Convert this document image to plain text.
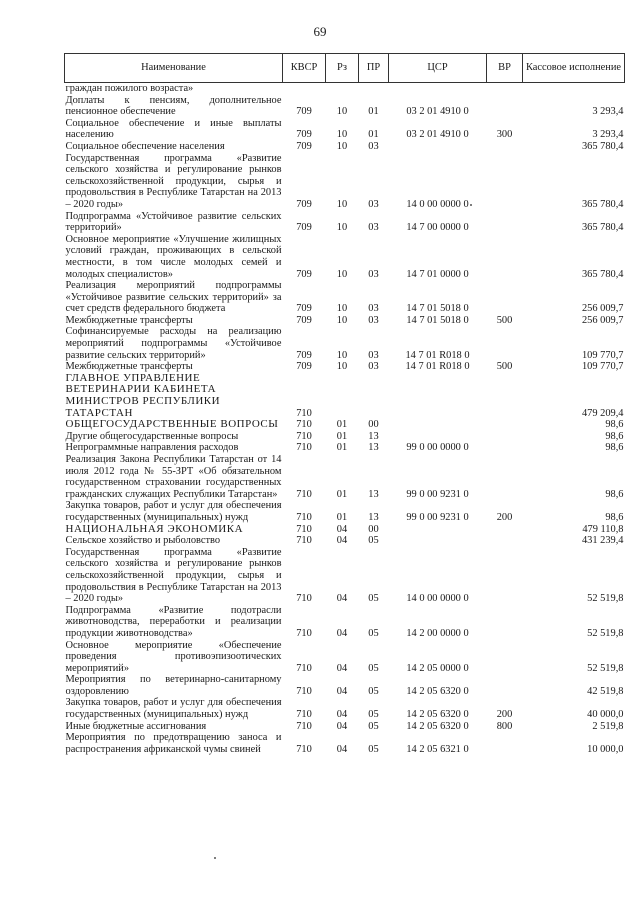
69
Наименование	КВСР	Рз	ПР	ЦСР	ВР	Кассовое исполнение
граждан пожилого возраста»						
Доплаты к пенсиям, дополнительное пенсионное обеспечение	709	10	01	03 2 01 4910 0		3 293,4
Социальное обеспечение и иные выплаты населению	709	10	01	03 2 01 4910 0	300	3 293,4
Социальное обеспечение населения	709	10	03			365 780,4
Государственная программа «Развитие сельского хозяйства и регулирование рынков сельскохозяйственной продукции, сырья и продовольствия в Республике Татарстан на 2013 – 2020 годы»	709	10	03	14 0 00 0000 0		365 780,4
Подпрограмма «Устойчивое развитие сельских территорий»	709	10	03	14 7 00 0000 0		365 780,4
Основное мероприятие «Улучшение жилищных условий граждан, проживающих в сельской местности, в том числе молодых семей и молодых специалистов»	709	10	03	14 7 01 0000 0		365 780,4
Реализация мероприятий подпрограммы «Устойчивое развитие сельских территорий» за счет средств федерального бюджета	709	10	03	14 7 01 5018 0		256 009,7
Межбюджетные трансферты	709	10	03	14 7 01 5018 0	500	256 009,7
Софинансируемые расходы на реализацию мероприятий подпрограммы «Устойчивое развитие сельских территорий»	709	10	03	14 7 01 R018 0		109 770,7
Межбюджетные трансферты	709	10	03	14 7 01 R018 0	500	109 770,7
ГЛАВНОЕ УПРАВЛЕНИЕ ВЕТЕРИНАРИИ КАБИНЕТА МИНИСТРОВ РЕСПУБЛИКИ ТАТАРСТАН	710					479 209,4
ОБЩЕГОСУДАРСТВЕННЫЕ ВОПРОСЫ	710	01	00			98,6
Другие общегосударственные вопросы	710	01	13			98,6
Непрограммные направления расходов	710	01	13	99 0 00 0000 0		98,6
Реализация Закона Республики Татарстан от 14 июля 2012 года № 55-ЗРТ «Об обязательном государственном страховании государственных гражданских служащих Республики Татарстан»	710	01	13	99 0 00 9231 0		98,6
Закупка товаров, работ и услуг для обеспечения государственных (муниципальных) нужд	710	01	13	99 0 00 9231 0	200	98,6
НАЦИОНАЛЬНАЯ ЭКОНОМИКА	710	04	00			479 110,8
Сельское хозяйство и рыболовство	710	04	05			431 239,4
Государственная программа «Развитие сельского хозяйства и регулирование рынков сельскохозяйственной продукции, сырья и продовольствия в Республике Татарстан на 2013 – 2020 годы»	710	04	05	14 0 00 0000 0		52 519,8
Подпрограмма «Развитие подотрасли животноводства, переработки и реализации продукции животноводства»	710	04	05	14 2 00 0000 0		52 519,8
Основное мероприятие «Обеспечение проведения противоэпизоотических мероприятий»	710	04	05	14 2 05 0000 0		52 519,8
Мероприятия по ветеринарно-санитарному оздоровлению	710	04	05	14 2 05 6320 0		42 519,8
Закупка товаров, работ и услуг для обеспечения государственных (муниципальных) нужд	710	04	05	14 2 05 6320 0	200	40 000,0
Иные бюджетные ассигнования	710	04	05	14 2 05 6320 0	800	2 519,8
Мероприятия по предотвращению заноса и распространения африканской чумы свиней	710	04	05	14 2 05 6321 0		10 000,0
